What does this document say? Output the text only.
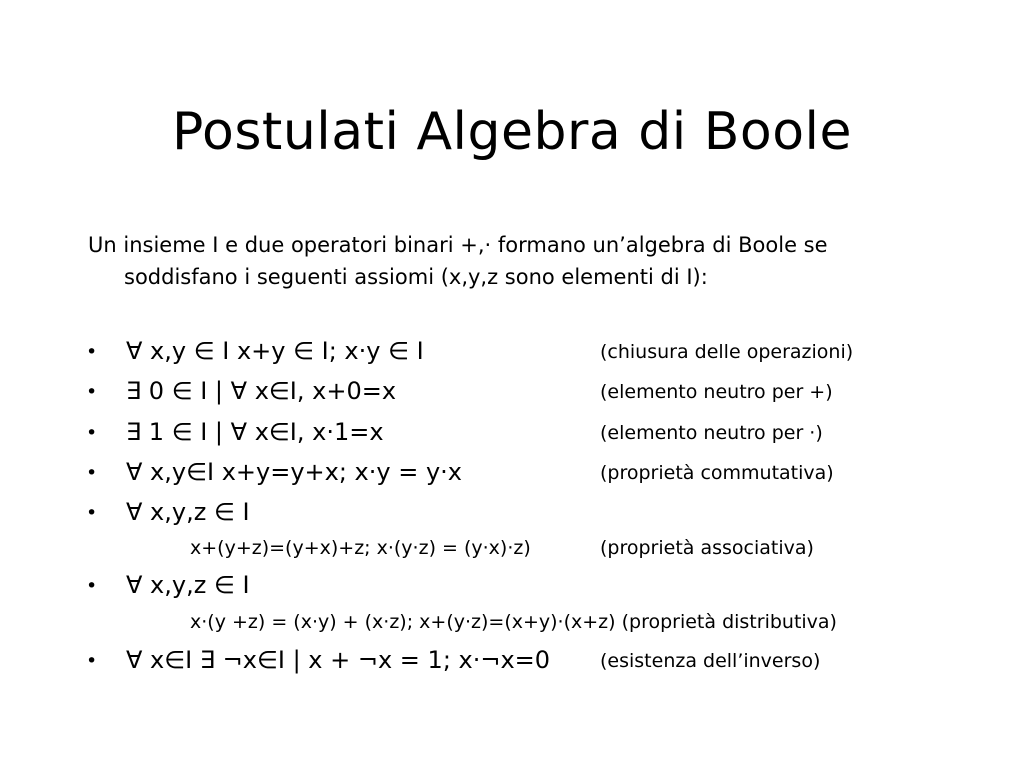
Postulati Algebra di Boole
Un insieme I e due operatori binari +,· formano un’algebra di Boole se
soddisfano i seguenti assiomi (x,y,z sono elementi di I):
• ∀ x,y ∈ I x+y ∈ I; x·y ∈ I	(chiusura delle operazioni)
• ∃ 0 ∈ I | ∀ x∈I, x+0=x	(elemento neutro per +)
• ∃ 1 ∈ I | ∀ x∈I, x·1=x	(elemento neutro per ·)
• ∀ x,y∈I x+y=y+x; x·y = y·x	(proprietà commutativa)
• ∀ x,y,z ∈ I
x+(y+z)=(y+x)+z; x·(y·z) = (y·x)·z)	(proprietà associativa)
• ∀ x,y,z ∈ I
x·(y +z) = (x·y) + (x·z); x+(y·z)=(x+y)·(x+z) (proprietà distributiva)
• ∀ x∈I ∃ ¬x∈I | x + ¬x = 1; x·¬x=0	(esistenza dell’inverso)
